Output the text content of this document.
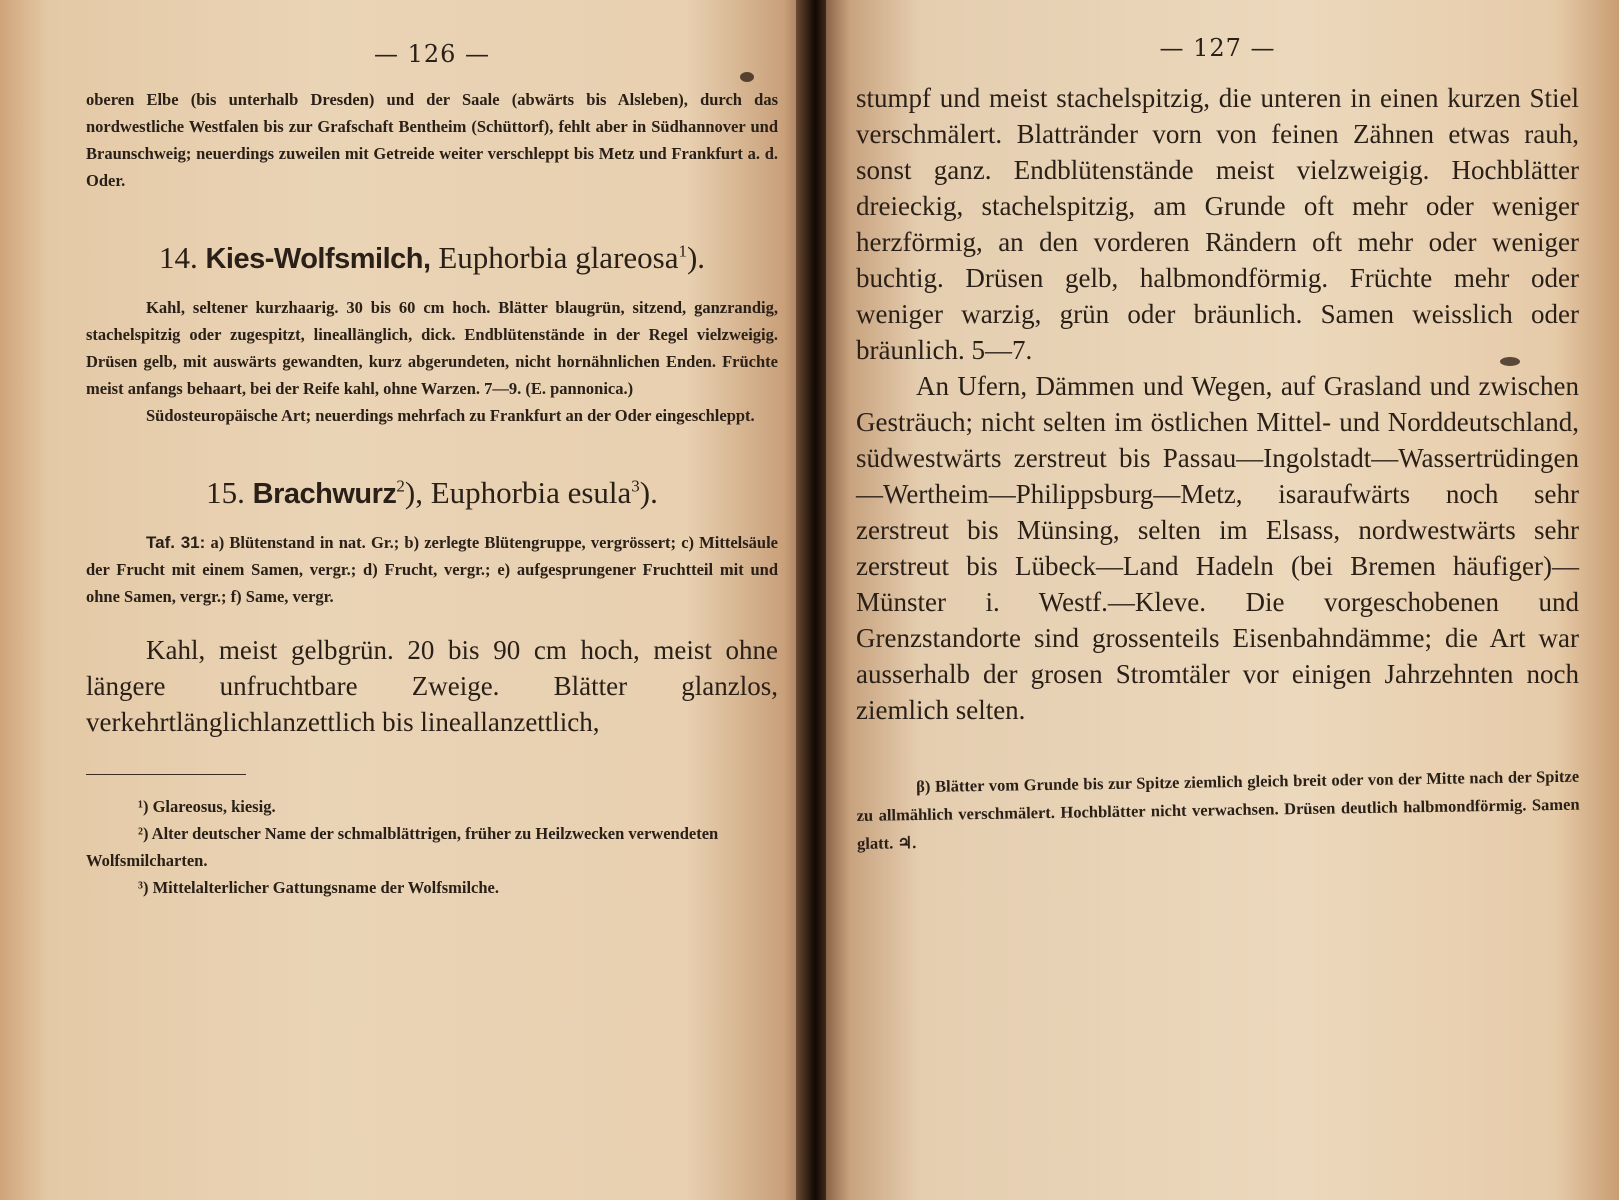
— 126 —

oberen Elbe (bis unterhalb Dresden) und der Saale (abwärts bis Alsleben), durch das nordwestliche Westfalen bis zur Grafschaft Bentheim (Schüttorf), fehlt aber in Südhannover und Braunschweig; neuerdings zuweilen mit Getreide weiter verschleppt bis Metz und Frankfurt a. d. Oder.

14. Kies-Wolfsmilch, Euphorbia glareosa$^1$).

Kahl, seltener kurzhaarig. 30 bis 60 cm hoch. Blätter blaugrün, sitzend, ganzrandig, stachelspitzig oder zugespitzt, lineallänglich, dick. Endblütenstände in der Regel vielzweigig. Drüsen gelb, mit auswärts gewandten, kurz abgerundeten, nicht hornähnlichen Enden. Früchte meist anfangs behaart, bei der Reife kahl, ohne Warzen. 7—9. (E. pannonica.)

Südosteuropäische Art; neuerdings mehrfach zu Frankfurt an der Oder eingeschleppt.

15. Brachwurz$^2$), Euphorbia esula$^3$).

Taf. 31: a) Blütenstand in nat. Gr.; b) zerlegte Blütengruppe, vergrössert; c) Mittelsäule der Frucht mit einem Samen, vergr.; d) Frucht, vergr.; e) aufgesprungener Fruchtteil mit und ohne Samen, vergr.; f) Same, vergr.

Kahl, meist gelbgrün. 20 bis 90 cm hoch, meist ohne längere unfruchtbare Zweige. Blätter glanzlos, verkehrtlänglichlanzettlich bis lineallanzettlich,

¹) Glareosus, kiesig.

²) Alter deutscher Name der schmalblättrigen, früher zu Heilzwecken verwendeten Wolfsmilcharten.

³) Mittelalterlicher Gattungsname der Wolfsmilche.

— 127 —

stumpf und meist stachelspitzig, die unteren in einen kurzen Stiel verschmälert. Blattränder vorn von feinen Zähnen etwas rauh, sonst ganz. Endblütenstände meist vielzweigig. Hochblätter dreieckig, stachelspitzig, am Grunde oft mehr oder weniger herzförmig, an den vorderen Rändern oft mehr oder weniger buchtig. Drüsen gelb, halbmondförmig. Früchte mehr oder weniger warzig, grün oder bräunlich. Samen weisslich oder bräunlich. 5—7.

An Ufern, Dämmen und Wegen, auf Grasland und zwischen Gesträuch; nicht selten im östlichen Mittel- und Norddeutschland, südwestwärts zerstreut bis Passau—Ingolstadt—Wassertrüdingen—Wertheim—Philippsburg—Metz, isaraufwärts noch sehr zerstreut bis Münsing, selten im Elsass, nordwestwärts sehr zerstreut bis Lübeck—Land Hadeln (bei Bremen häufiger)—Münster i. Westf.—Kleve. Die vorgeschobenen und Grenzstandorte sind grossenteils Eisenbahndämme; die Art war ausserhalb der grosen Stromtäler vor einigen Jahrzehnten noch ziemlich selten.

β) Blätter vom Grunde bis zur Spitze ziemlich gleich breit oder von der Mitte nach der Spitze zu allmählich verschmälert. Hochblätter nicht verwachsen. Drüsen deutlich halbmondförmig. Samen glatt. ♃.
